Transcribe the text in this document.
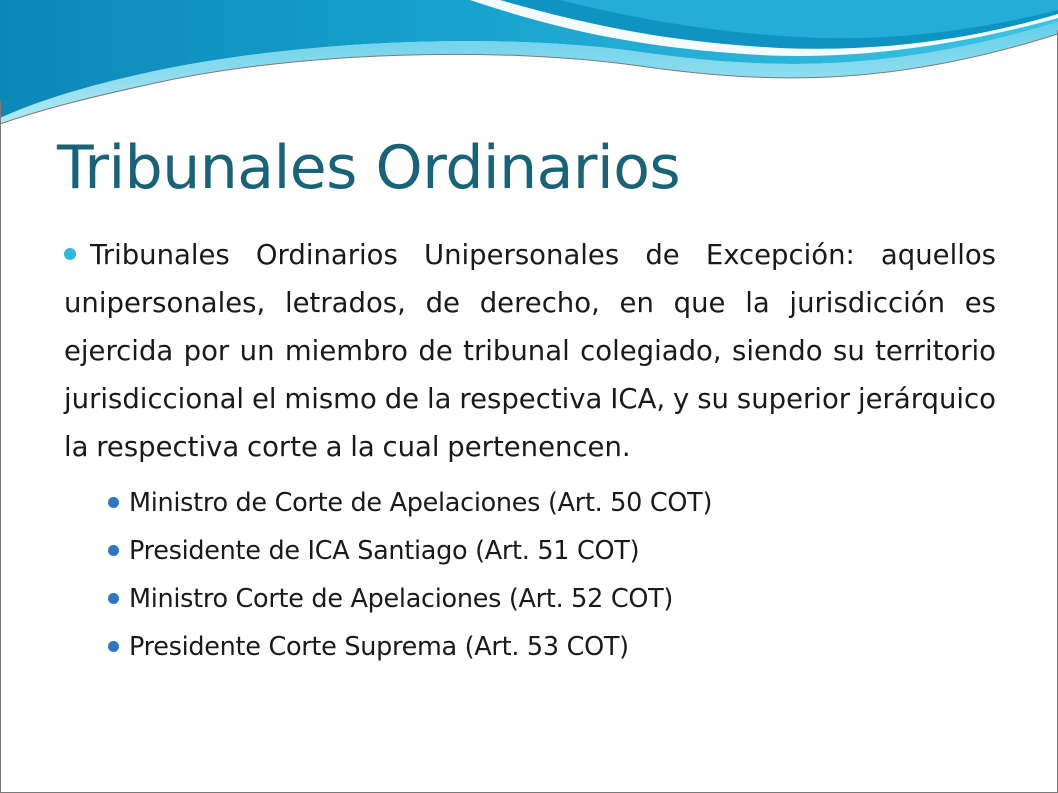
Tribunales Ordinarios

Tribunales Ordinarios Unipersonales de Excepción: aquellos unipersonales, letrados, de derecho, en que la jurisdicción es ejercida por un miembro de tribunal colegiado, siendo su territorio jurisdiccional el mismo de la respectiva ICA, y su superior jerárquico la respectiva corte a la cual pertenencen.

Ministro de Corte de Apelaciones (Art. 50 COT)
Presidente de ICA Santiago (Art. 51 COT)
Ministro Corte de Apelaciones (Art. 52 COT)
Presidente Corte Suprema (Art. 53 COT)
